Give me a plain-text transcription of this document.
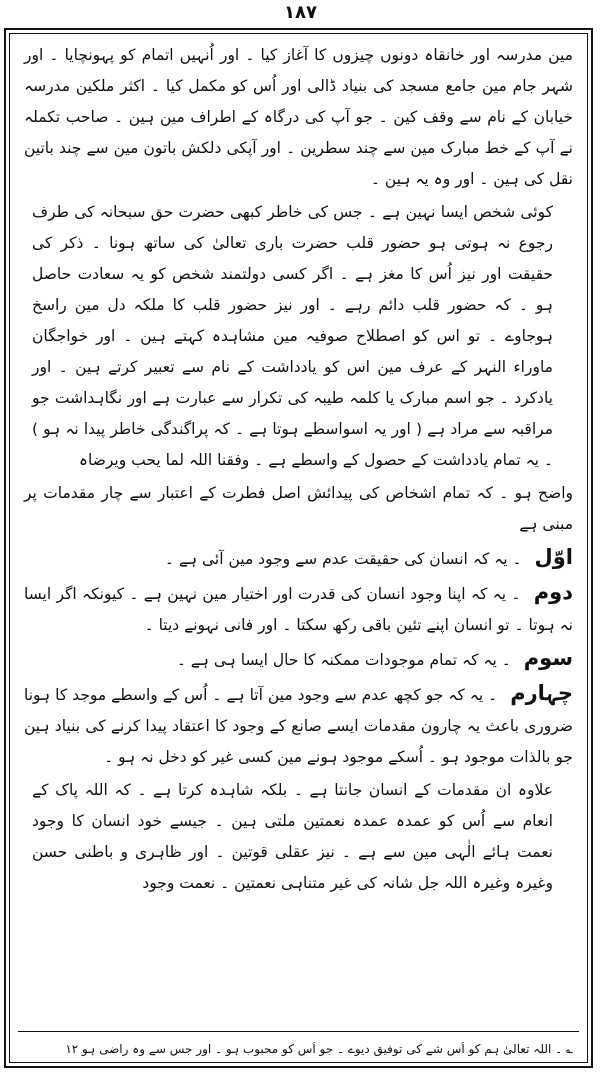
۱۸۷

مین مدرسہ اور خانقاہ دونوں چیزوں کا آغاز کیا ۔ اور اُنہیں اتمام کو پہونچایا ۔ اور شہر جام مین جامع مسجد کی بنیاد ڈالی اور اُس کو مکمل کیا ۔ اکثر ملکین مدرسہ خیابان کے نام سے وقف کین ۔ جو آپ کی درگاہ کے اطراف مین ہین ۔ صاحب تکملہ نے آپ کے خط مبارک مین سے چند سطرین ۔ اور آپکی دلکش باتون مین سے چند باتین نقل کی ہین ۔ اور وہ یہ ہین ۔

کوئی شخص ایسا نہین ہے ۔ جس کی خاطر کبھی حضرت حق سبحانہ کی طرف رجوع نہ ہوتی ہو حضور قلب حضرت باری تعالیٰ کی ساتھ ہونا ۔ ذکر کی حقیقت اور نیز اُس کا مغز ہے ۔ اگر کسی دولتمند شخص کو یہ سعادت حاصل ہو ۔ کہ حضور قلب دائم رہے ۔ اور نیز حضور قلب کا ملکہ دل مین راسخ ہوجاوے ۔ تو اس کو اصطلاح صوفیہ مین مشاہدہ کہتے ہین ۔ اور خواجگان ماوراء النہر کے عرف مین اس کو یادداشت کے نام سے تعبیر کرتے ہین ۔ اور یادکرد ۔ جو اسم مبارک یا کلمہ طیبہ کی تکرار سے عبارت ہے اور نگاہداشت جو مراقبہ سے مراد ہے ( اور یہ اسواسطے ہوتا ہے ۔ کہ پراگندگی خاطر پیدا نہ ہو ) ۔ یہ تمام یادداشت کے حصول کے واسطے ہے ۔ وفقنا اللہ لما یحب ویرضاہ

واضح ہو ۔ کہ تمام اشخاص کی پیدائش اصل فطرت کے اعتبار سے چار مقدمات پر مبنی ہے

اوّل ۔ یہ کہ انسان کی حقیقت عدم سے وجود مین آئی ہے ۔

دوم ۔ یہ کہ اپنا وجود انسان کی قدرت اور اختیار مین نہین ہے ۔ کیونکہ اگر ایسا نہ ہوتا ۔ تو انسان اپنے تئین باقی رکھ سکتا ۔ اور فانی نہونے دیتا ۔

سوم ۔ یہ کہ تمام موجودات ممکنہ کا حال ایسا ہی ہے ۔

چہارم ۔ یہ کہ جو کچھ عدم سے وجود مین آتا ہے ۔ اُس کے واسطے موجد کا ہونا ضروری باعث یہ چارون مقدمات ایسے صانع کے وجود کا اعتقاد پیدا کرنے کی بنیاد ہین جو بالذات موجود ہو ۔ اُسکے موجود ہونے مین کسی غیر کو دخل نہ ہو ۔

علاوہ ان مقدمات کے انسان جانتا ہے ۔ بلکہ شاہدہ کرتا ہے ۔ کہ اللہ پاک کے انعام سے اُس کو عمدہ عمدہ نعمتین ملتی ہین ۔ جیسے خود انسان کا وجود نعمت ہائے الٰہی مین سے ہے ۔ نیز عقلی قوتین ۔ اور ظاہری و باطنی حسن وغیرہ وغیرہ اللہ جل شانہ کی غیر متناہی نعمتین ۔ نعمت وجود

؎ ۔ اللہ تعالیٰ ہم کو اُس شے کی توفیق دیوے ۔ جو اُس کو محبوب ہو ۔ اور جس سے وہ راضی ہو ۱۲
